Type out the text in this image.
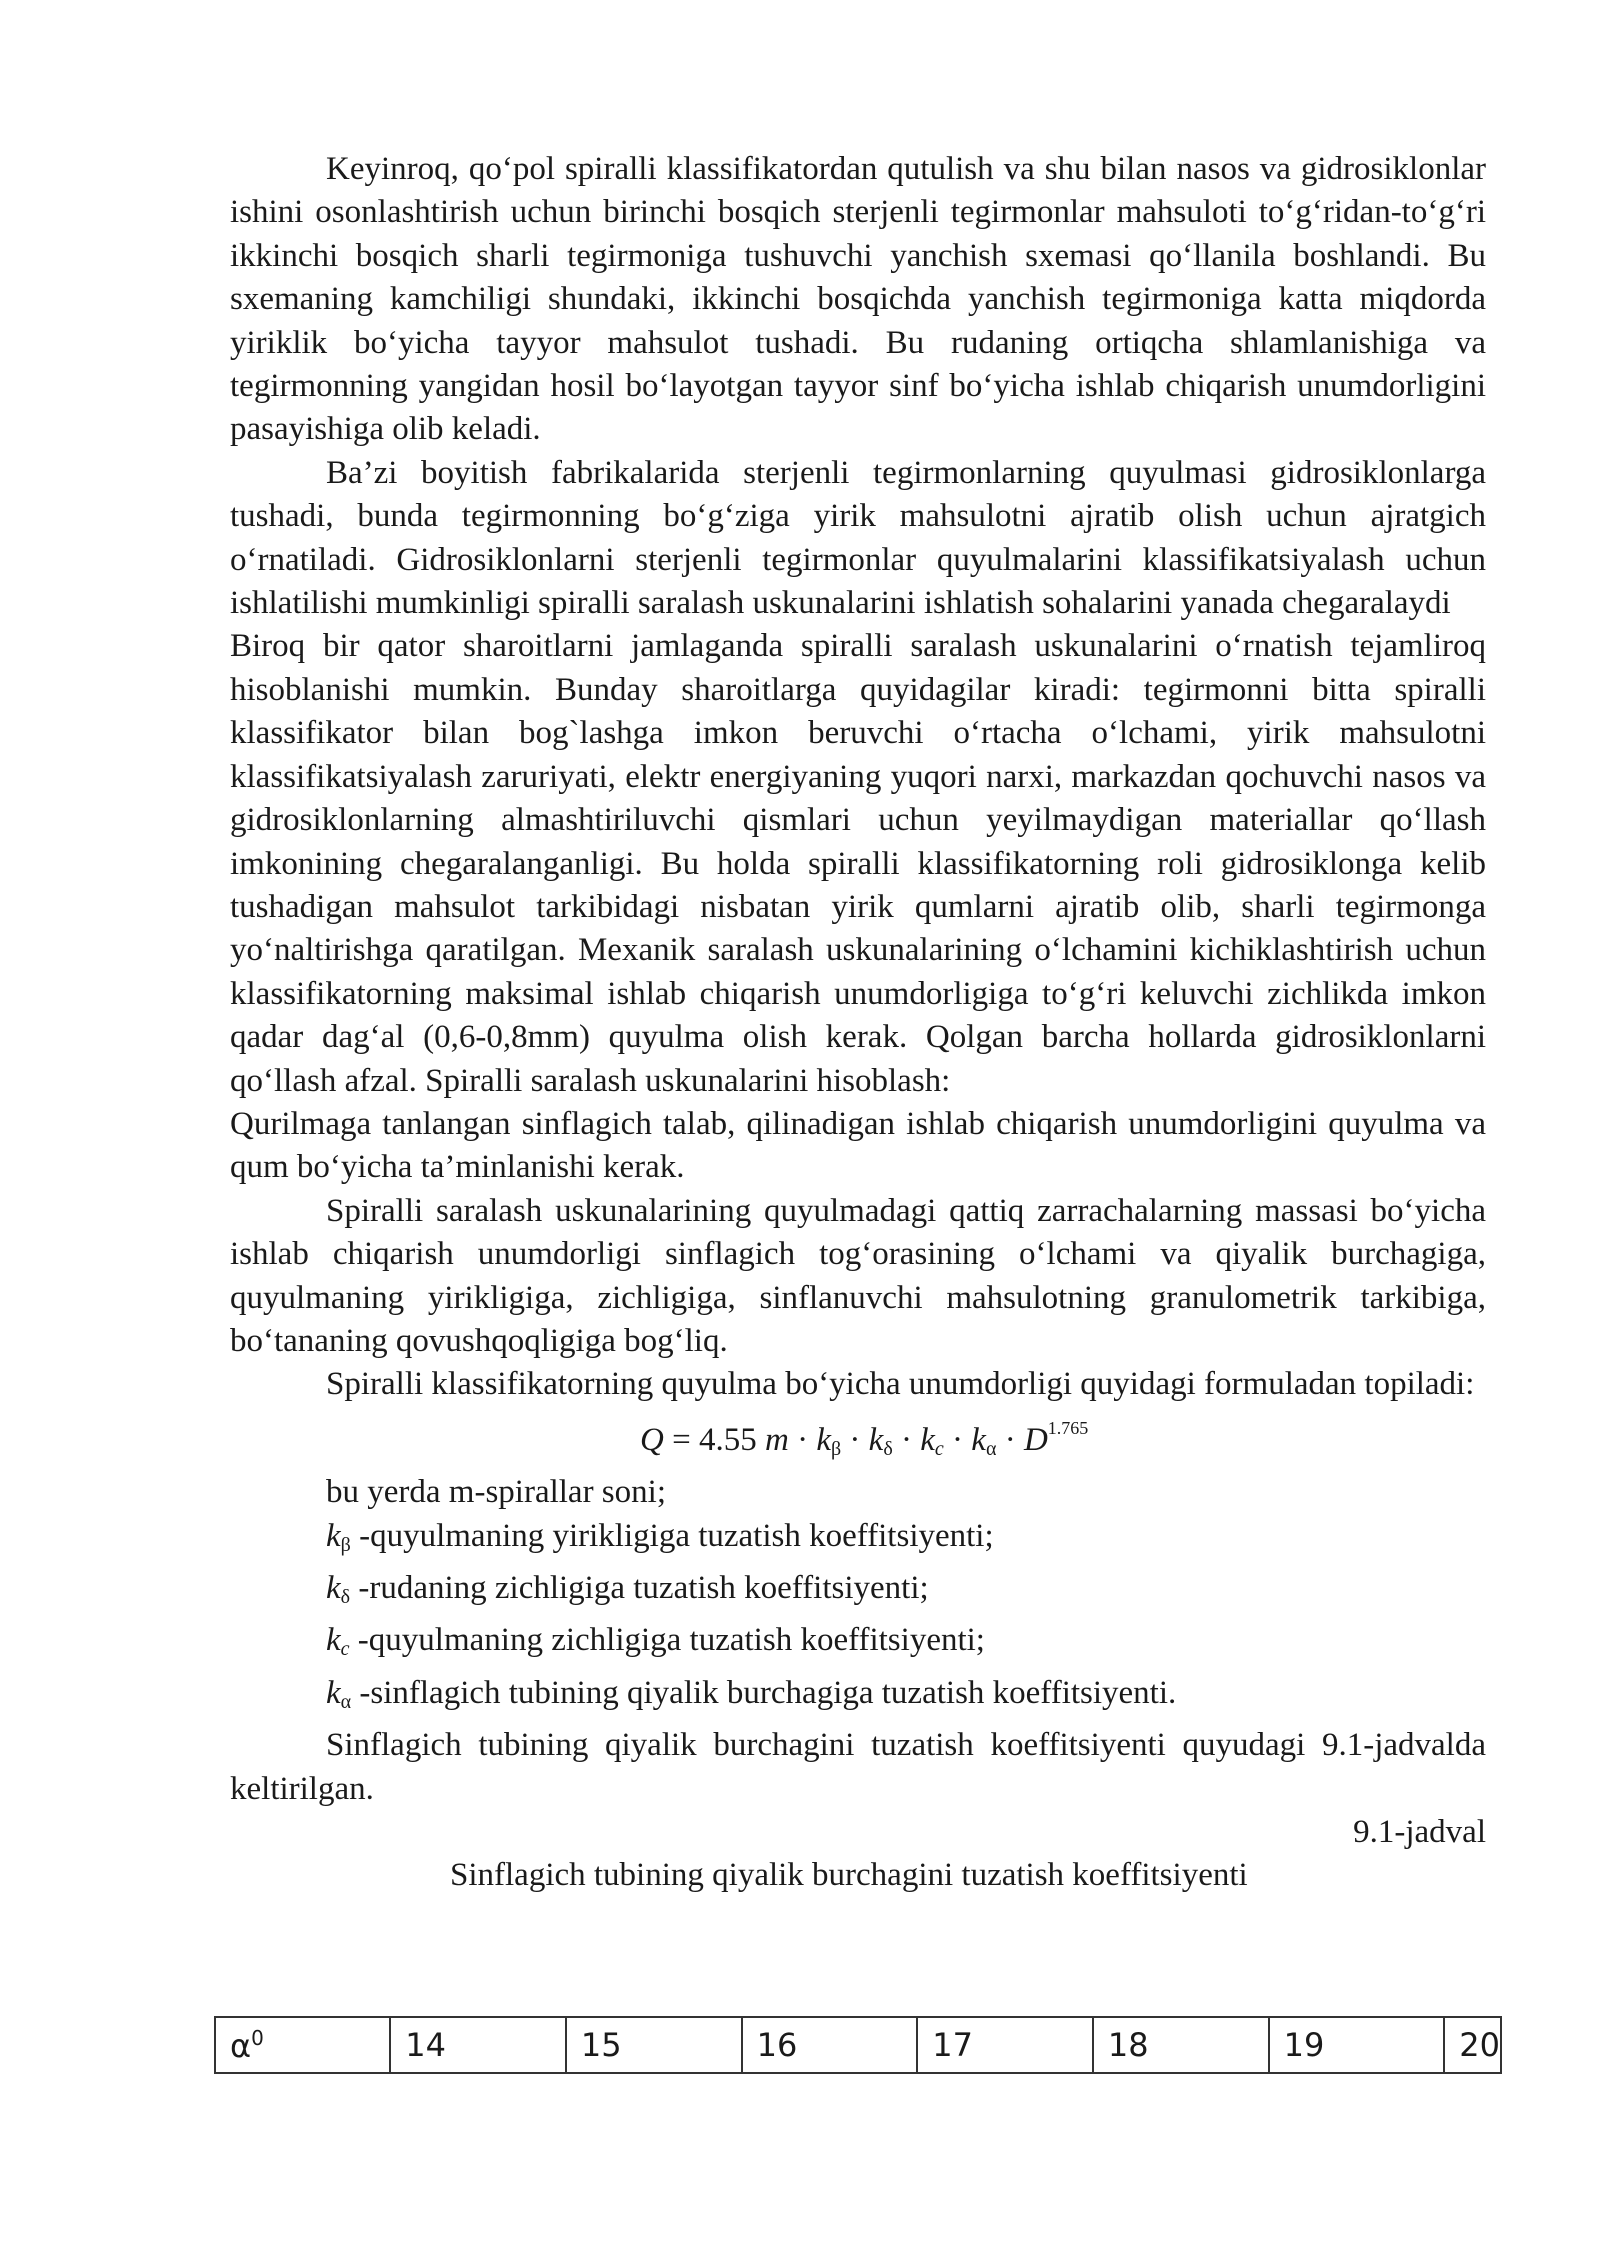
Keyinroq, qo‘pol spiralli klassifikatordan qutulish va shu bilan nasos va gidrosiklonlar ishini osonlashtirish uchun birinchi bosqich sterjenli tegirmonlar mahsuloti to‘g‘ridan-to‘g‘ri ikkinchi bosqich sharli tegirmoniga tushuvchi yanchish sxemasi qo‘llanila boshlandi. Bu sxemaning kamchiligi shundaki, ikkinchi bosqichda yanchish tegirmoniga katta miqdorda yiriklik bo‘yicha tayyor mahsulot tushadi. Bu rudaning ortiqcha shlamlanishiga va tegirmonning yangidan hosil bo‘layotgan tayyor sinf bo‘yicha ishlab chiqarish unumdorligini pasayishiga olib keladi.

Ba’zi boyitish fabrikalarida sterjenli tegirmonlarning quyulmasi gidrosiklonlarga tushadi, bunda tegirmonning bo‘g‘ziga yirik mahsulotni ajratib olish uchun ajratgich o‘rnatiladi. Gidrosiklonlarni sterjenli tegirmonlar quyulmalarini klassifikatsiyalash uchun ishlatilishi mumkinligi spiralli saralash uskunalarini ishlatish sohalarini yanada chegaralaydi

Biroq bir qator sharoitlarni jamlaganda spiralli saralash uskunalarini o‘rnatish tejamliroq hisoblanishi mumkin. Bunday sharoitlarga quyidagilar kiradi: tegirmonni bitta spiralli klassifikator bilan bog`lashga imkon beruvchi o‘rtacha o‘lchami, yirik mahsulotni klassifikatsiyalash zaruriyati, elektr energiyaning yuqori narxi, markazdan qochuvchi nasos va gidrosiklonlarning almashtiriluvchi qismlari uchun yeyilmaydigan materiallar qo‘llash imkonining chegaralanganligi. Bu holda spiralli klassifikatorning roli gidrosiklonga kelib tushadigan mahsulot tarkibidagi nisbatan yirik qumlarni ajratib olib, sharli tegirmonga yo‘naltirishga qaratilgan. Mexanik saralash uskunalarining o‘lchamini kichiklashtirish uchun klassifikatorning maksimal ishlab chiqarish unumdorligiga to‘g‘ri keluvchi zichlikda imkon qadar dag‘al (0,6-0,8mm) quyulma olish kerak. Qolgan barcha hollarda gidrosiklonlarni qo‘llash afzal. Spiralli saralash uskunalarini hisoblash:

Qurilmaga tanlangan sinflagich talab, qilinadigan ishlab chiqarish unumdorligini quyulma va qum bo‘yicha ta’minlanishi kerak.

Spiralli saralash uskunalarining quyulmadagi qattiq zarrachalarning massasi bo‘yicha ishlab chiqarish unumdorligi sinflagich tog‘orasining o‘lchami va qiyalik burchagiga, quyulmaning yirikligiga, zichligiga, sinflanuvchi mahsulotning granulometrik tarkibiga, bo‘tananing qovushqoqligiga bog‘liq.

Spiralli klassifikatorning quyulma bo‘yicha unumdorligi quyidagi formuladan topiladi:

Q = 4.55 $m \cdot k_\beta \cdot k_\delta \cdot k_c \cdot k_\alpha \cdot D^{1.765}$

bu yerda m-spirallar soni;

$k_\beta$ -quyulmaning yirikligiga tuzatish koeffitsiyenti;

$k_\delta$ -rudaning zichligiga tuzatish koeffitsiyenti;

$k_c$ -quyulmaning zichligiga tuzatish koeffitsiyenti;

$k_\alpha$ -sinflagich tubining qiyalik burchagiga tuzatish koeffitsiyenti.

Sinflagich tubining qiyalik burchagini tuzatish koeffitsiyenti quyudagi 9.1-jadvalda keltirilgan.

9.1-jadval

Sinflagich tubining qiyalik burchagini tuzatish koeffitsiyenti

$\alpha^0$	14	15	16	17	18	19	20
